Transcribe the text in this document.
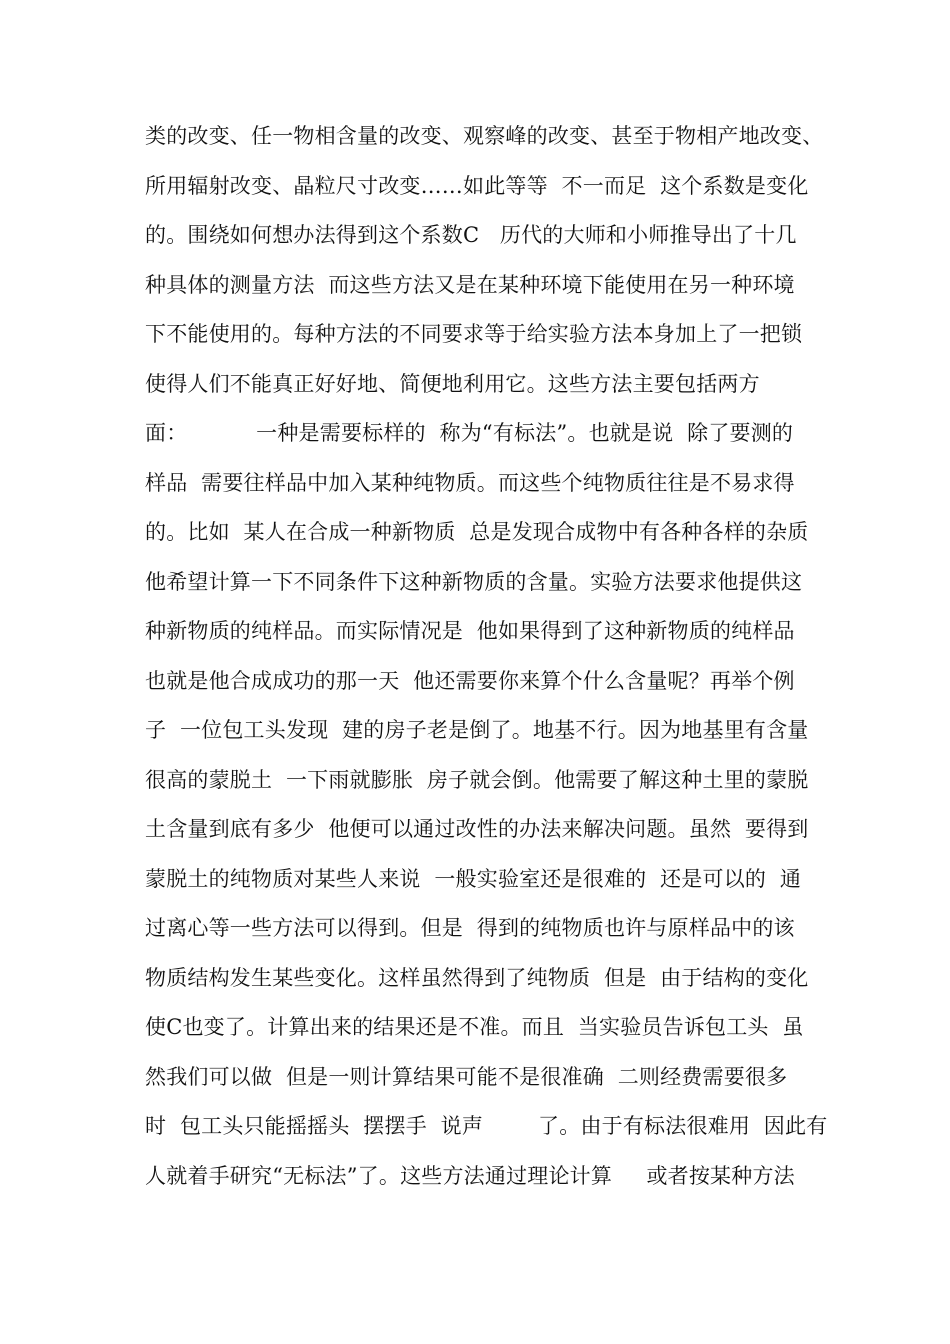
类的改变、任一物相含量的改变、观察峰的改变、甚至于物相产地改变、
所用辐射改变、晶粒尺寸改变……如此等等  不一而足  这个系数是变化
的。围绕如何想办法得到这个系数C   历代的大师和小师推导出了十几
种具体的测量方法  而这些方法又是在某种环境下能使用在另一种环境
下不能使用的。每种方法的不同要求等于给实验方法本身加上了一把锁
使得人们不能真正好好地、简便地利用它。这些方法主要包括两方
面：          一种是需要标样的  称为“有标法”。也就是说  除了要测的
样品  需要往样品中加入某种纯物质。而这些个纯物质往往是不易求得
的。比如  某人在合成一种新物质  总是发现合成物中有各种各样的杂质
他希望计算一下不同条件下这种新物质的含量。实验方法要求他提供这
种新物质的纯样品。而实际情况是  他如果得到了这种新物质的纯样品
也就是他合成成功的那一天  他还需要你来算个什么含量呢？再举个例
子  一位包工头发现  建的房子老是倒了。地基不行。因为地基里有含量
很高的蒙脱土  一下雨就膨胀  房子就会倒。他需要了解这种土里的蒙脱
土含量到底有多少  他便可以通过改性的办法来解决问题。虽然  要得到
蒙脱土的纯物质对某些人来说  一般实验室还是很难的  还是可以的  通
过离心等一些方法可以得到。但是  得到的纯物质也许与原样品中的该
物质结构发生某些变化。这样虽然得到了纯物质  但是  由于结构的变化
使C也变了。计算出来的结果还是不准。而且  当实验员告诉包工头  虽
然我们可以做  但是一则计算结果可能不是很准确  二则经费需要很多
时  包工头只能摇摇头  摆摆手  说声        了。由于有标法很难用  因此有
人就着手研究“无标法”了。这些方法通过理论计算     或者按某种方法
